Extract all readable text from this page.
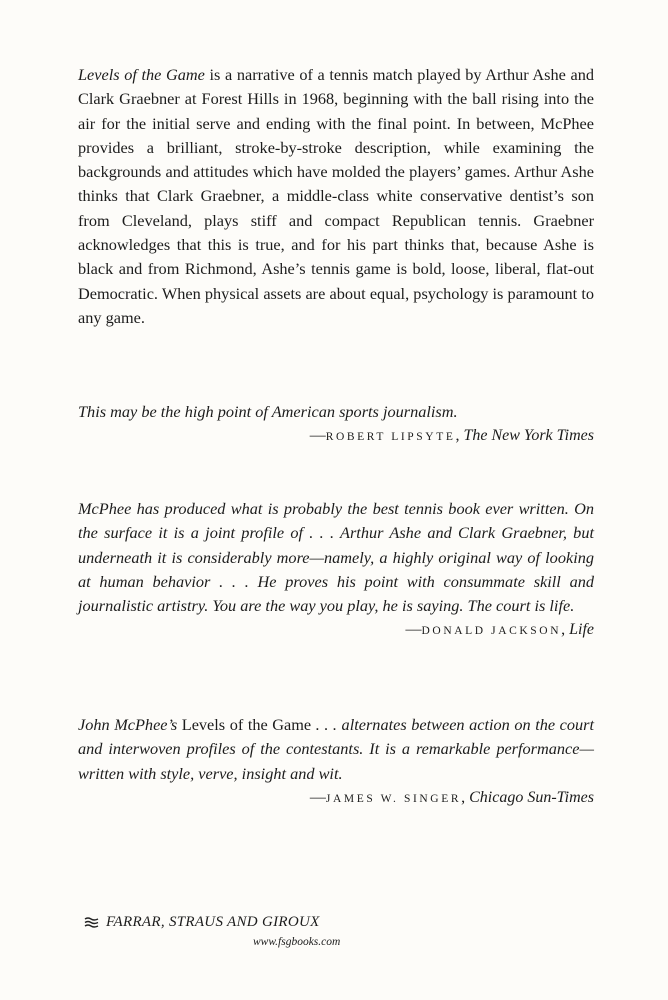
Levels of the Game is a narrative of a tennis match played by Arthur Ashe and Clark Graebner at Forest Hills in 1968, beginning with the ball rising into the air for the initial serve and ending with the final point. In between, McPhee provides a brilliant, stroke-by-stroke description, while examining the backgrounds and attitudes which have molded the players’ games. Arthur Ashe thinks that Clark Graebner, a middle-class white conservative dentist’s son from Cleveland, plays stiff and compact Republican tennis. Graebner acknowledges that this is true, and for his part thinks that, because Ashe is black and from Richmond, Ashe’s tennis game is bold, loose, liberal, flat-out Democratic. When physical assets are about equal, psychology is paramount to any game.

This may be the high point of American sports journalism.

—ROBERT LIPSYTE, The New York Times

McPhee has produced what is probably the best tennis book ever written. On the surface it is a joint profile of . . . Arthur Ashe and Clark Graebner, but underneath it is considerably more—namely, a highly original way of looking at human behavior . . . He proves his point with consummate skill and journalistic artistry. You are the way you play, he is saying. The court is life.

—DONALD JACKSON, Life

John McPhee’s Levels of the Game . . . alternates between action on the court and interwoven profiles of the contestants. It is a remarkable performance—written with style, verve, insight and wit.

—JAMES W. SINGER, Chicago Sun-Times

FARRAR, STRAUS AND GIROUX
www.fsgbooks.com
